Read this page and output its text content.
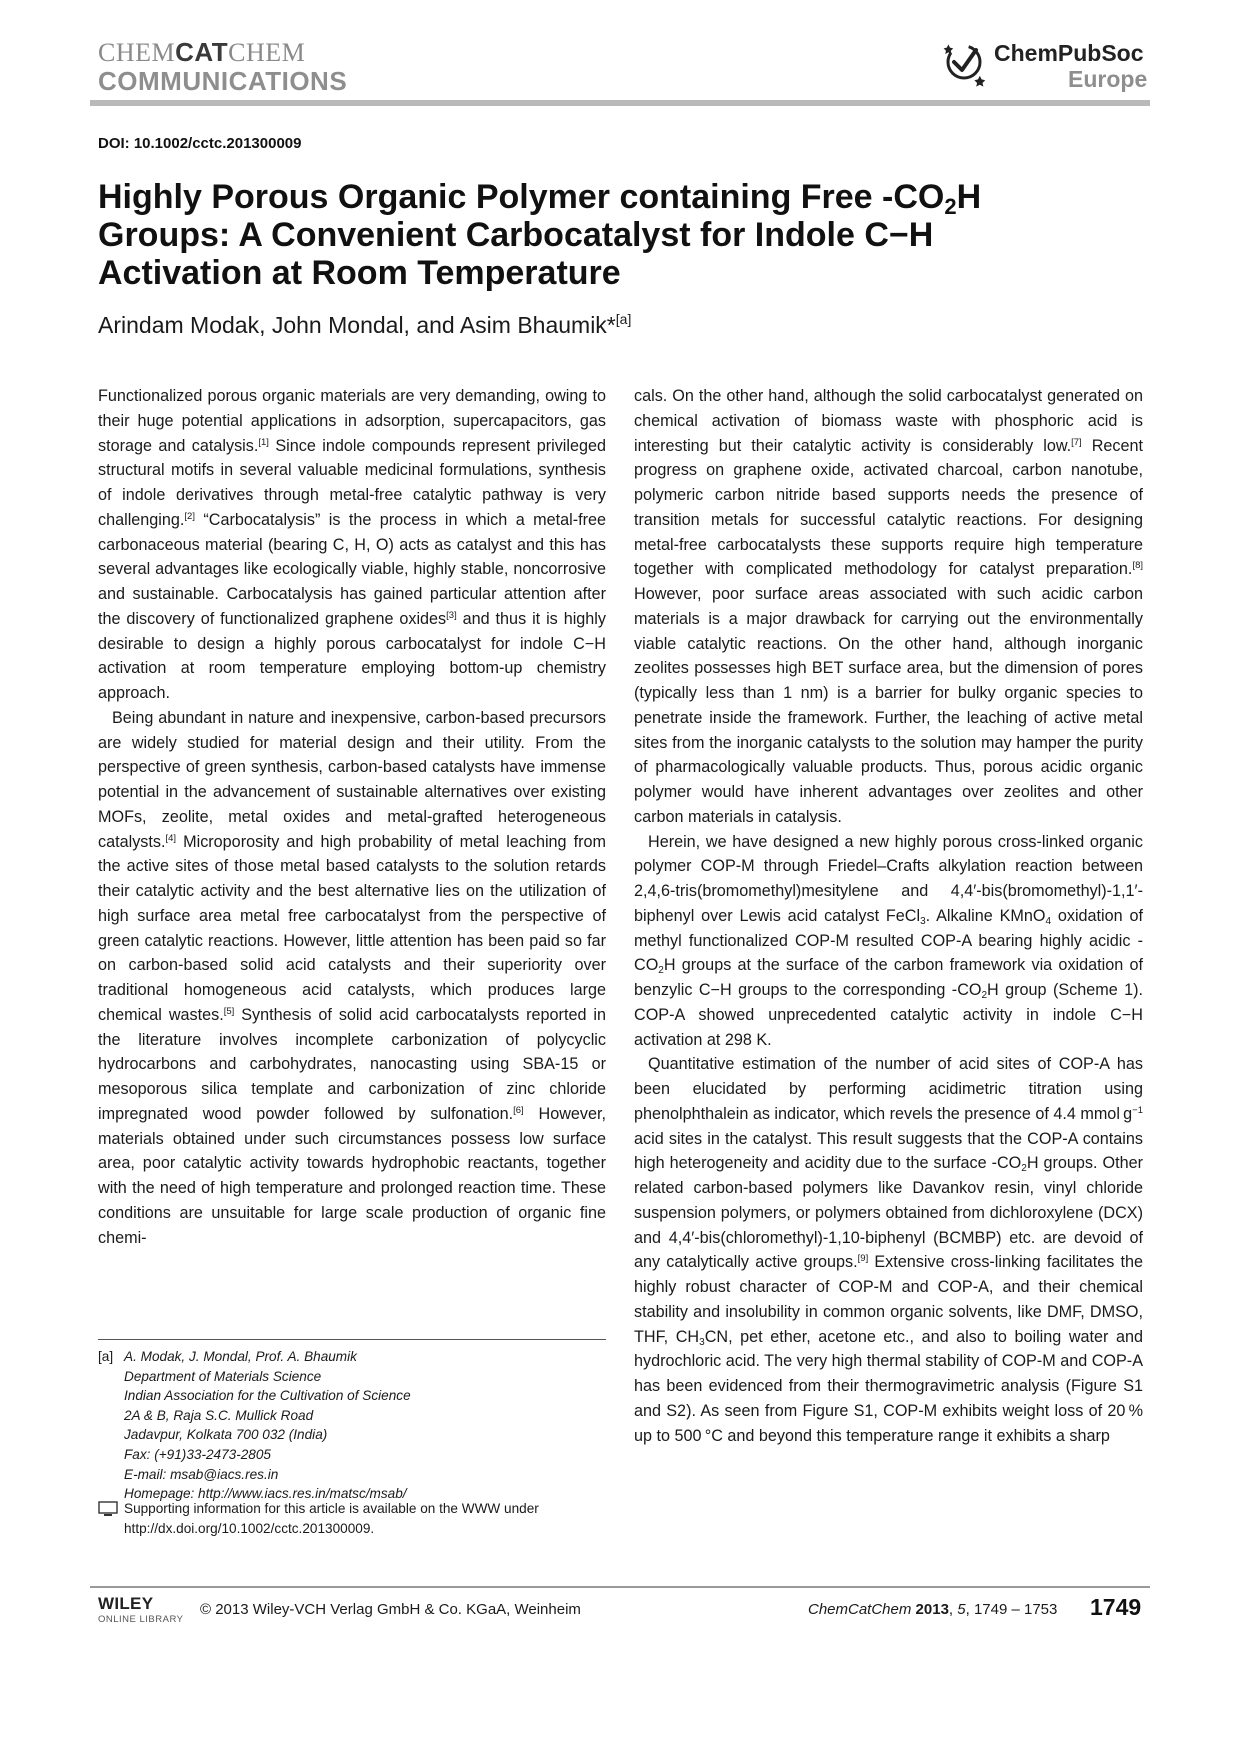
CHEMCATCHEM
COMMUNICATIONS
ChemPubSoc
Europe
DOI: 10.1002/cctc.201300009
Highly Porous Organic Polymer containing Free $-CO_2H$
Groups: A Convenient Carbocatalyst for Indole C−H
Activation at Room Temperature
Arindam Modak, John Mondal, and Asim Bhaumik*[a]

Functionalized porous organic materials are very demanding, owing to their huge potential applications in adsorption, supercapacitors, gas storage and catalysis.[1] Since indole compounds represent privileged structural motifs in several valuable medicinal formulations, synthesis of indole derivatives through metal-free catalytic pathway is very challenging.[2] “Carbocatalysis” is the process in which a metal-free carbonaceous material (bearing C, H, O) acts as catalyst and this has several advantages like ecologically viable, highly stable, noncorrosive and sustainable. Carbocatalysis has gained particular attention after the discovery of functionalized graphene oxides[3] and thus it is highly desirable to design a highly porous carbocatalyst for indole C−H activation at room temperature employing bottom-up chemistry approach.

Being abundant in nature and inexpensive, carbon-based precursors are widely studied for material design and their utility. From the perspective of green synthesis, carbon-based catalysts have immense potential in the advancement of sustainable alternatives over existing MOFs, zeolite, metal oxides and metal-grafted heterogeneous catalysts.[4] Microporosity and high probability of metal leaching from the active sites of those metal based catalysts to the solution retards their catalytic activity and the best alternative lies on the utilization of high surface area metal free carbocatalyst from the perspective of green catalytic reactions. However, little attention has been paid so far on carbon-based solid acid catalysts and their superiority over traditional homogeneous acid catalysts, which produces large chemical wastes.[5] Synthesis of solid acid carbocatalysts reported in the literature involves incomplete carbonization of polycyclic hydrocarbons and carbohydrates, nanocasting using SBA-15 or mesoporous silica template and carbonization of zinc chloride impregnated wood powder followed by sulfonation.[6] However, materials obtained under such circumstances possess low surface area, poor catalytic activity towards hydrophobic reactants, together with the need of high temperature and prolonged reaction time. These conditions are unsuitable for large scale production of organic fine chemi-

cals. On the other hand, although the solid carbocatalyst generated on chemical activation of biomass waste with phosphoric acid is interesting but their catalytic activity is considerably low.[7] Recent progress on graphene oxide, activated charcoal, carbon nanotube, polymeric carbon nitride based supports needs the presence of transition metals for successful catalytic reactions. For designing metal-free carbocatalysts these supports require high temperature together with complicated methodology for catalyst preparation.[8] However, poor surface areas associated with such acidic carbon materials is a major drawback for carrying out the environmentally viable catalytic reactions. On the other hand, although inorganic zeolites possesses high BET surface area, but the dimension of pores (typically less than 1 nm) is a barrier for bulky organic species to penetrate inside the framework. Further, the leaching of active metal sites from the inorganic catalysts to the solution may hamper the purity of pharmacologically valuable products. Thus, porous acidic organic polymer would have inherent advantages over zeolites and other carbon materials in catalysis.

Herein, we have designed a new highly porous cross-linked organic polymer COP-M through Friedel–Crafts alkylation reaction between 2,4,6-tris(bromomethyl)mesitylene and 4,4′-bis(bromomethyl)-1,1′-biphenyl over Lewis acid catalyst FeCl$_3$. Alkaline KMnO$_4$ oxidation of methyl functionalized COP-M resulted COP-A bearing highly acidic $-CO_2H$ groups at the surface of the carbon framework via oxidation of benzylic C−H groups to the corresponding $-CO_2H$ group (Scheme 1). COP-A showed unprecedented catalytic activity in indole C−H activation at 298 K.

Quantitative estimation of the number of acid sites of COP-A has been elucidated by performing acidimetric titration using phenolphthalein as indicator, which revels the presence of 4.4 mmol $g^{-1}$ acid sites in the catalyst. This result suggests that the COP-A contains high heterogeneity and acidity due to the surface $-CO_2H$ groups. Other related carbon-based polymers like Davankov resin, vinyl chloride suspension polymers, or polymers obtained from dichloroxylene (DCX) and 4,4′-bis(chloromethyl)-1,10-biphenyl (BCMBP) etc. are devoid of any catalytically active groups.[9] Extensive cross-linking facilitates the highly robust character of COP-M and COP-A, and their chemical stability and insolubility in common organic solvents, like DMF, DMSO, THF, $CH_3CN$, pet ether, acetone etc., and also to boiling water and hydrochloric acid. The very high thermal stability of COP-M and COP-A has been evidenced from their thermogravimetric analysis (Figure S1 and S2). As seen from Figure S1, COP-M exhibits weight loss of 20 % up to 500 °C and beyond this temperature range it exhibits a sharp

[a] A. Modak, J. Mondal, Prof. A. Bhaumik
Department of Materials Science
Indian Association for the Cultivation of Science
2A & B, Raja S.C. Mullick Road
Jadavpur, Kolkata 700 032 (India)
Fax: (+91)33-2473-2805
E-mail: msab@iacs.res.in
Homepage: http://www.iacs.res.in/matsc/msab/
Supporting information for this article is available on the WWW under http://dx.doi.org/10.1002/cctc.201300009.
WILEY
ONLINE LIBRARY
© 2013 Wiley-VCH Verlag GmbH & Co. KGaA, Weinheim	ChemCatChem 2013, 5, 1749 – 1753 1749
